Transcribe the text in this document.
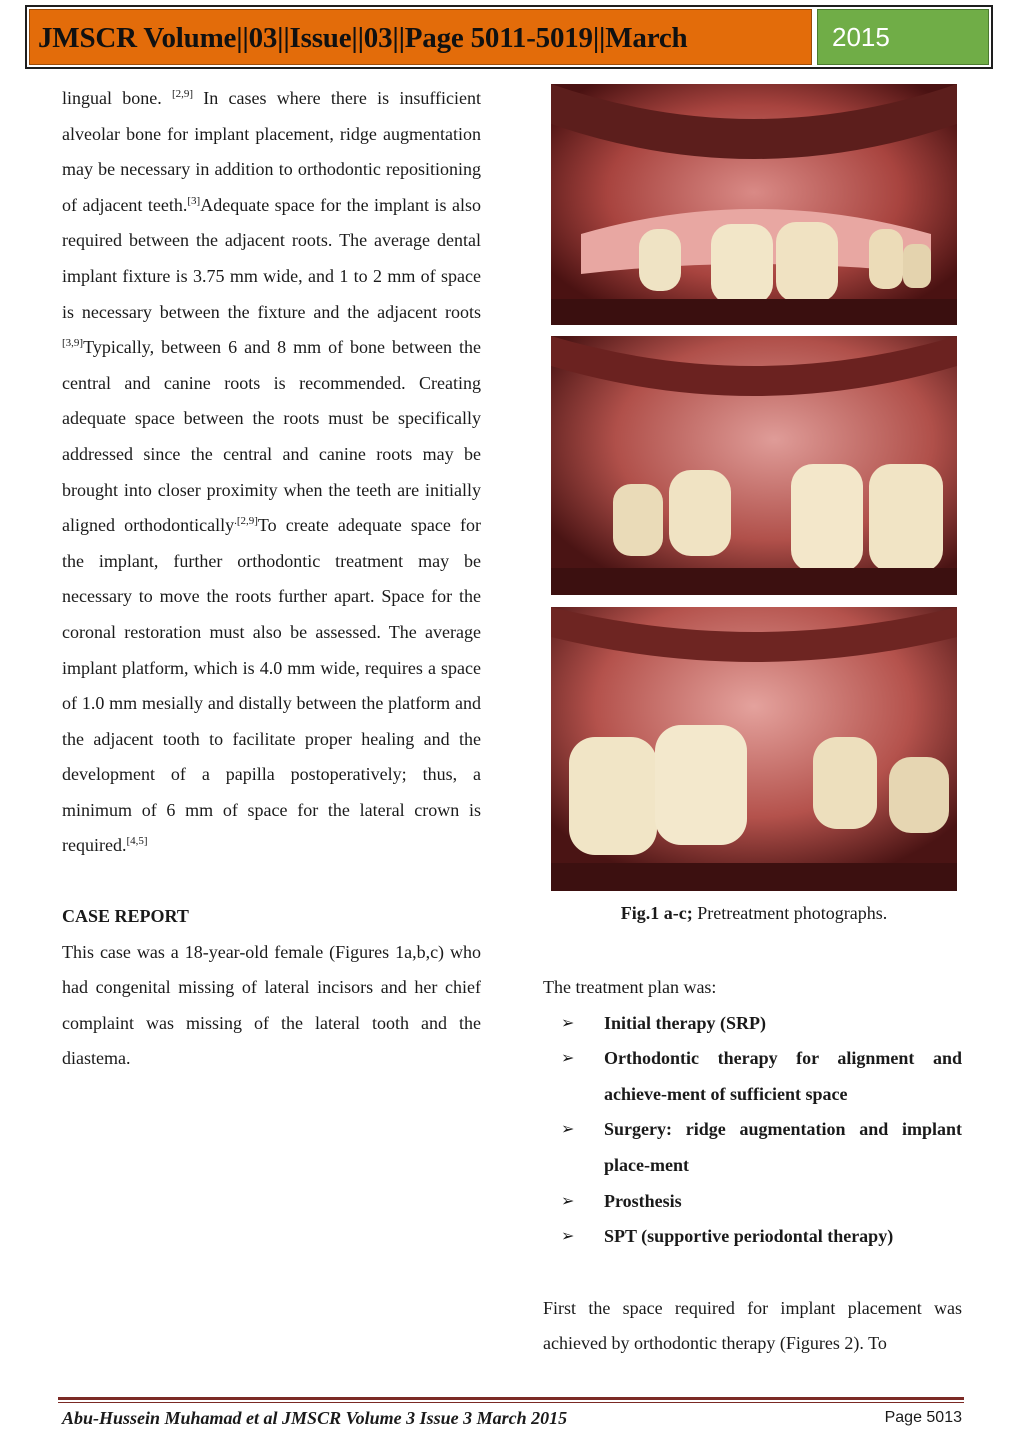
JMSCR Volume||03||Issue||03||Page 5011-5019||March	2015

lingual bone. [2,9] In cases where there is insufficient alveolar bone for implant placement, ridge augmentation may be necessary in addition to orthodontic repositioning of adjacent teeth.[3]Adequate space for the implant is also required between the adjacent roots. The average dental implant fixture is 3.75 mm wide, and 1 to 2 mm of space is necessary between the fixture and the adjacent roots [3,9]Typically, between 6 and 8 mm of bone between the central and canine roots is recommended. Creating adequate space between the roots must be specifically addressed since the central and canine roots may be brought into closer proximity when the teeth are initially aligned orthodontically$^{.[2,9]}$To create adequate space for the implant, further orthodontic treatment may be necessary to move the roots further apart. Space for the coronal restoration must also be assessed. The average implant platform, which is 4.0 mm wide, requires a space of 1.0 mm mesially and distally between the platform and the adjacent tooth to facilitate proper healing and the development of a papilla postoperatively; thus, a minimum of 6 mm of space for the lateral crown is required.[4,5]

CASE REPORT

This case was a 18-year-old female (Figures 1a,b,c) who had congenital missing of lateral incisors and her chief complaint was missing of the lateral tooth and the diastema.

Fig.1 a-c; Pretreatment photographs.

The treatment plan was:

➢ Initial therapy (SRP)
➢ Orthodontic therapy for alignment and achieve-ment of sufficient space
➢ Surgery: ridge augmentation and implant place-ment
➢ Prosthesis
➢ SPT (supportive periodontal therapy)

First the space required for implant placement was achieved by orthodontic therapy (Figures 2). To

Abu-Hussein Muhamad et al JMSCR Volume 3 Issue 3 March 2015	Page 5013
